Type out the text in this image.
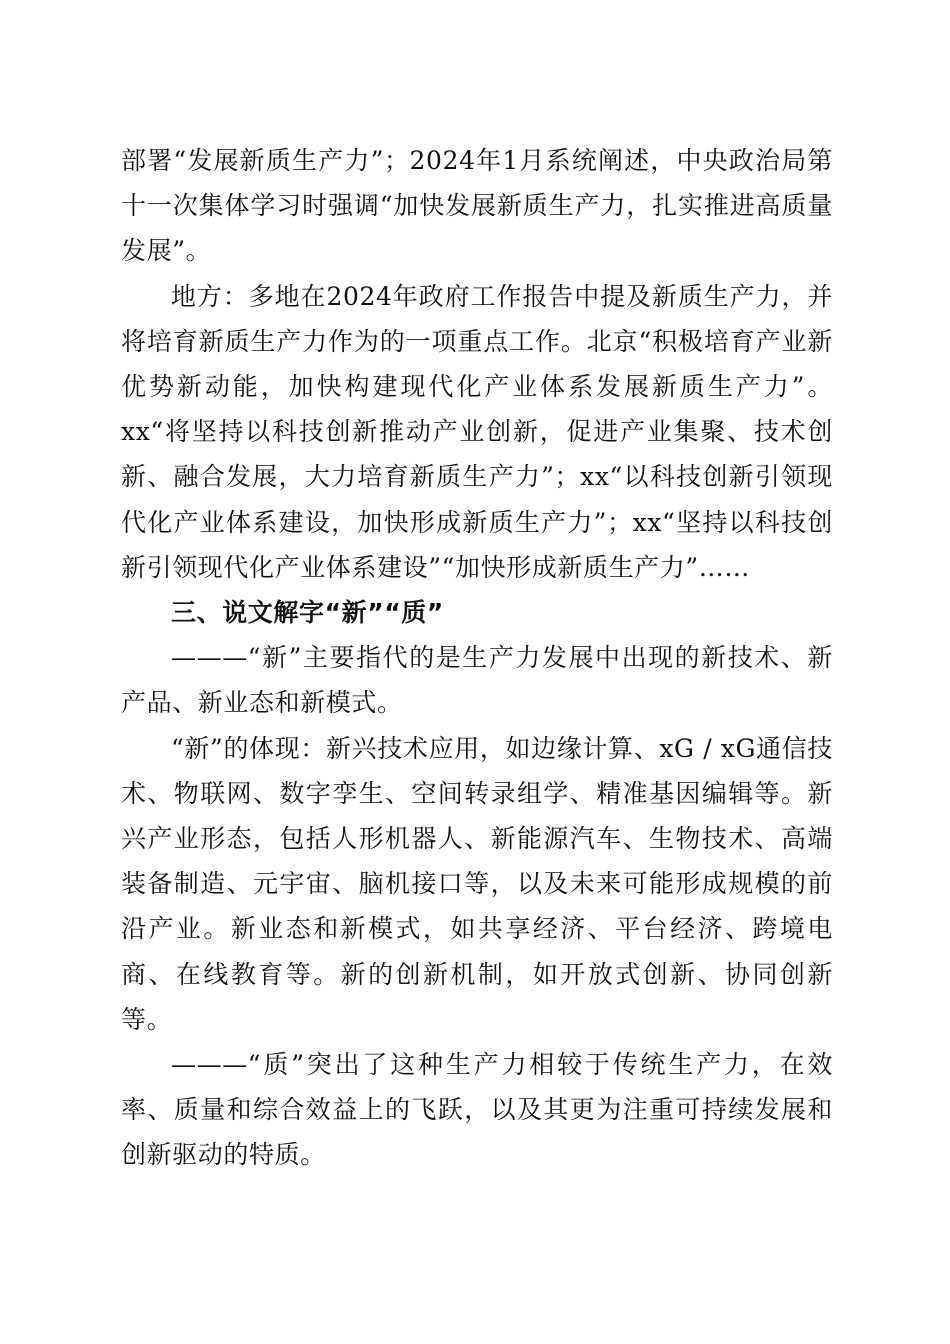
部署“发展新质生产力”；2024年1月系统阐述，中央政治局第十一次集体学习时强调“加快发展新质生产力，扎实推进高质量发展”。

地方：多地在2024年政府工作报告中提及新质生产力，并将培育新质生产力作为的一项重点工作。北京“积极培育产业新优势新动能，加快构建现代化产业体系发展新质生产力”。xx“将坚持以科技创新推动产业创新，促进产业集聚、技术创新、融合发展，大力培育新质生产力”；xx“以科技创新引领现代化产业体系建设，加快形成新质生产力”；xx“坚持以科技创新引领现代化产业体系建设”“加快形成新质生产力”……

三、说文解字“新”“质”

———“新”主要指代的是生产力发展中出现的新技术、新产品、新业态和新模式。

“新”的体现：新兴技术应用，如边缘计算、xG / xG通信技术、物联网、数字孪生、空间转录组学、精准基因编辑等。新兴产业形态，包括人形机器人、新能源汽车、生物技术、高端装备制造、元宇宙、脑机接口等，以及未来可能形成规模的前沿产业。新业态和新模式，如共享经济、平台经济、跨境电商、在线教育等。新的创新机制，如开放式创新、协同创新等。

———“质”突出了这种生产力相较于传统生产力，在效率、质量和综合效益上的飞跃，以及其更为注重可持续发展和创新驱动的特质。
